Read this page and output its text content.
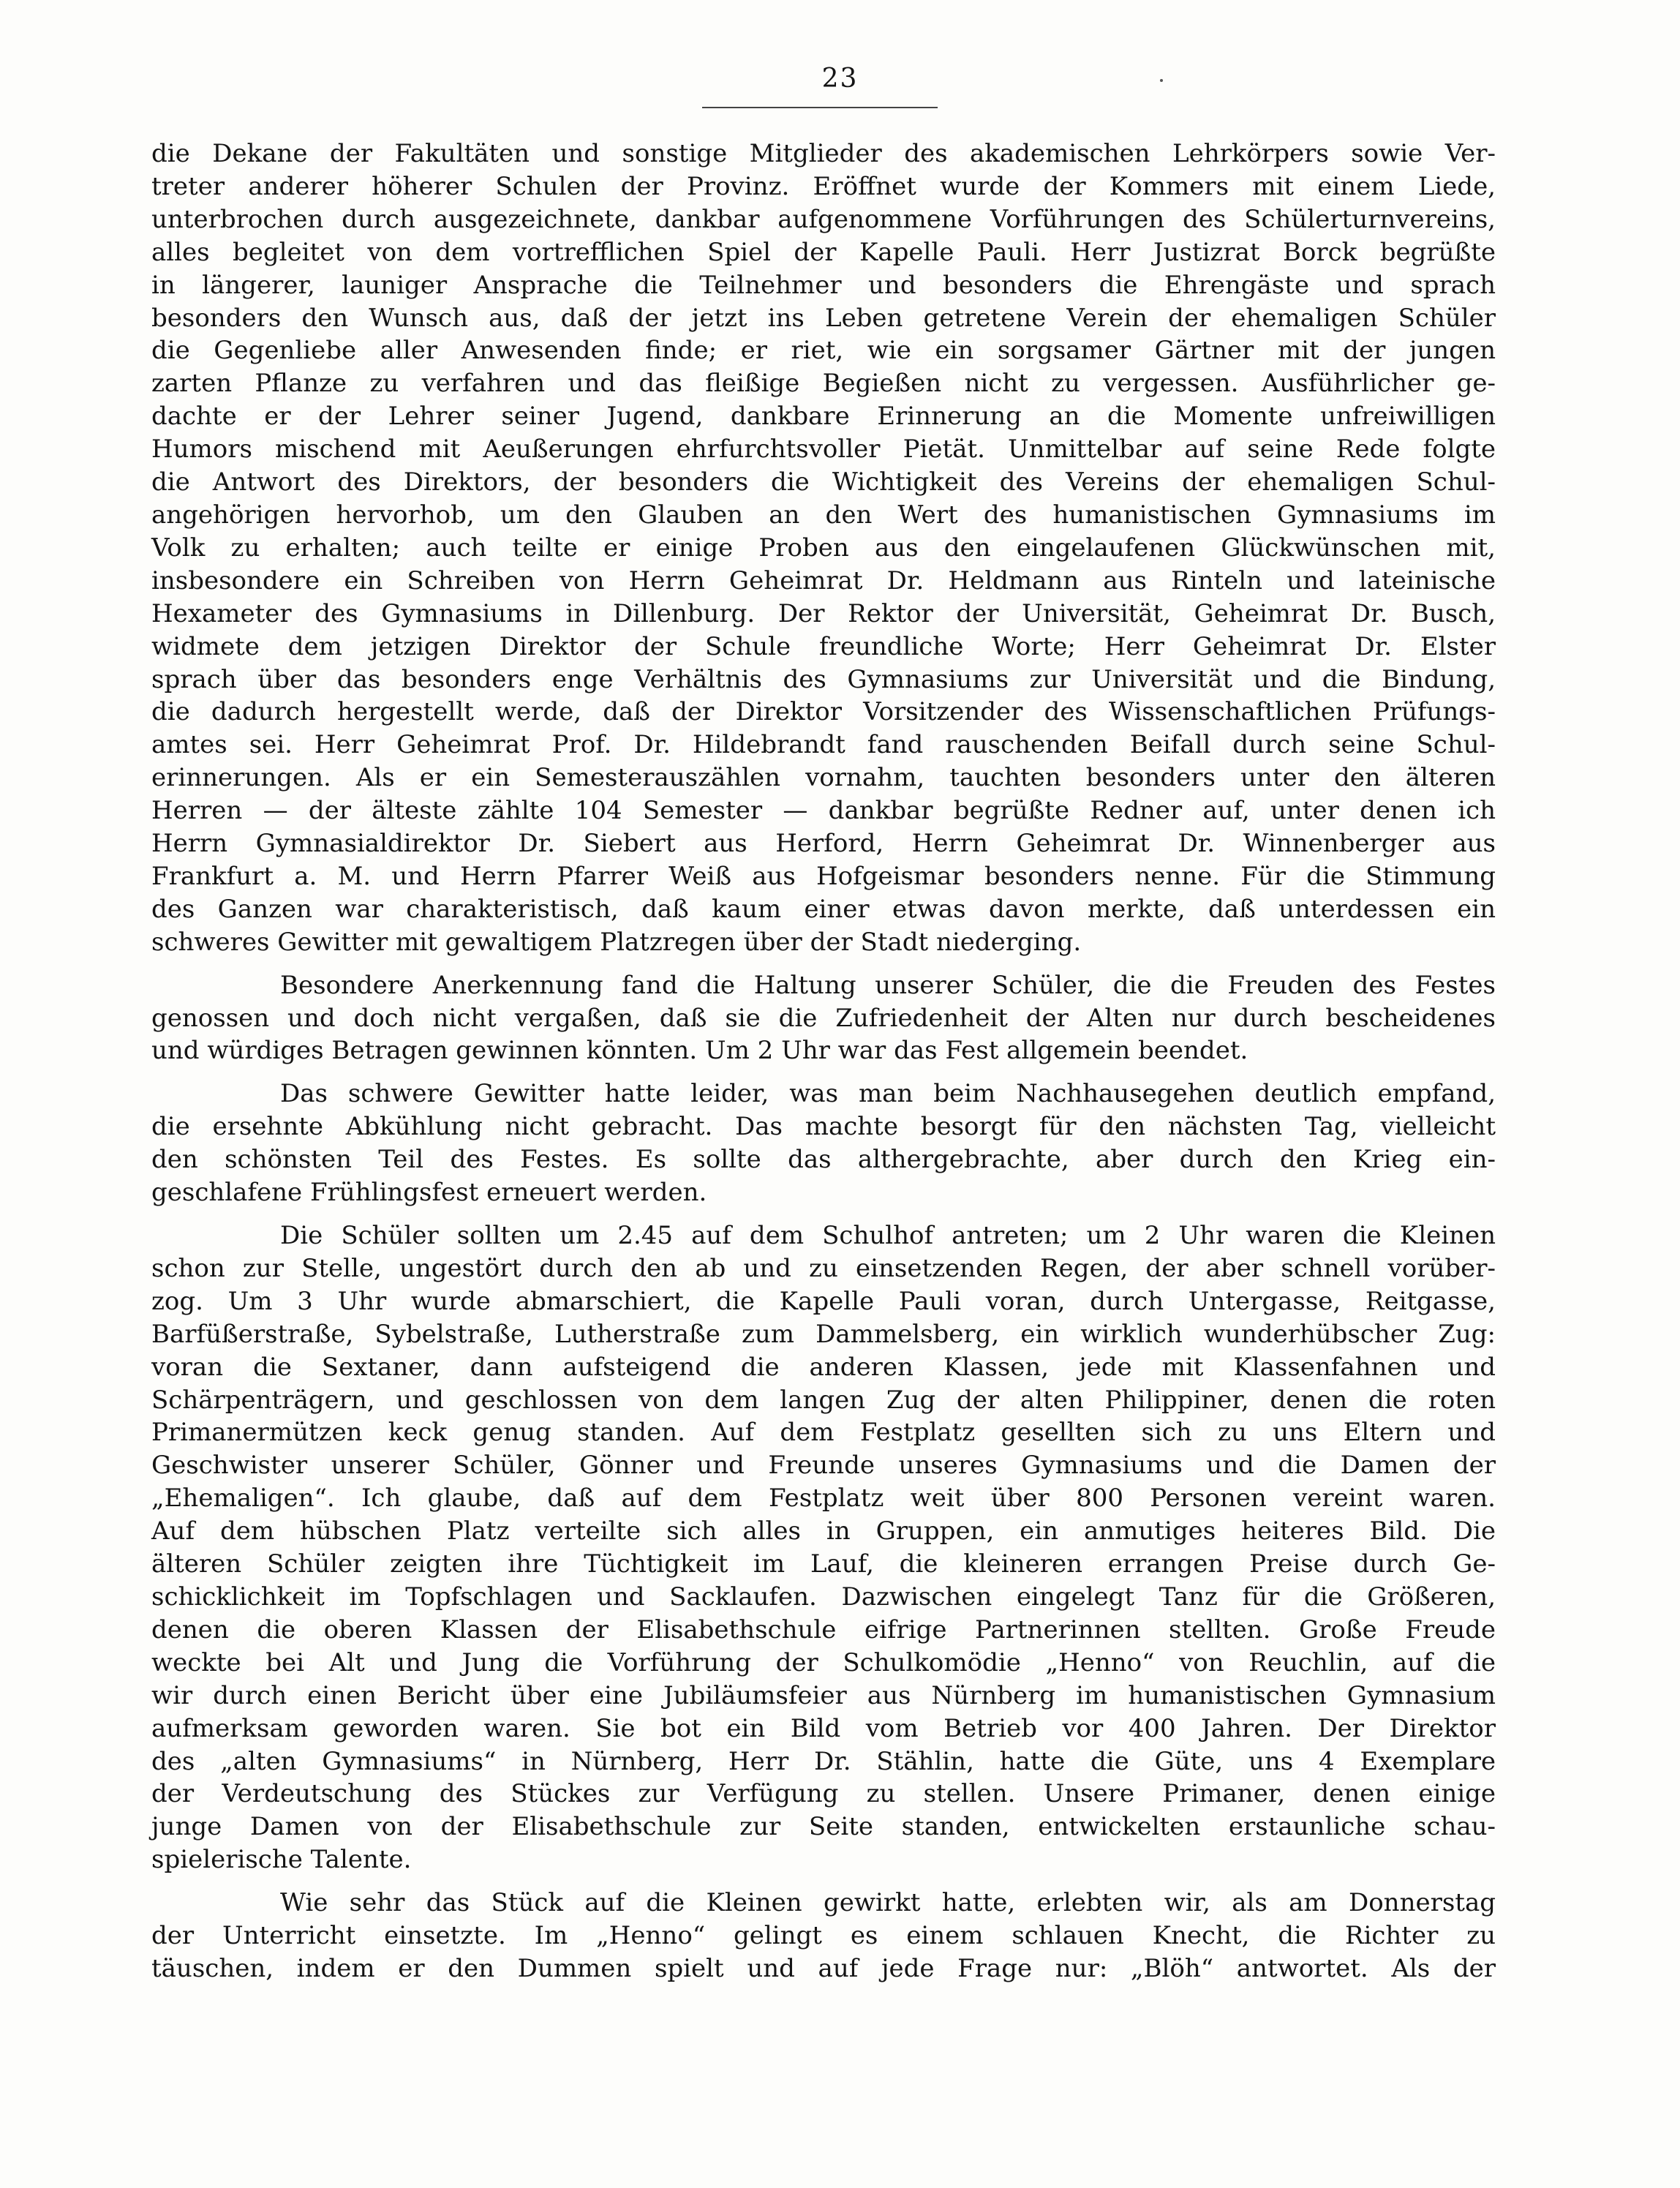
23

die Dekane der Fakultäten und sonstige Mitglieder des akademischen Lehrkörpers sowie Ver-
treter anderer höherer Schulen der Provinz. Eröffnet wurde der Kommers mit einem Liede,
unterbrochen durch ausgezeichnete, dankbar aufgenommene Vorführungen des Schülerturnvereins,
alles begleitet von dem vortrefflichen Spiel der Kapelle Pauli. Herr Justizrat Borck begrüßte
in längerer, launiger Ansprache die Teilnehmer und besonders die Ehrengäste und sprach
besonders den Wunsch aus, daß der jetzt ins Leben getretene Verein der ehemaligen Schüler
die Gegenliebe aller Anwesenden finde; er riet, wie ein sorgsamer Gärtner mit der jungen
zarten Pflanze zu verfahren und das fleißige Begießen nicht zu vergessen. Ausführlicher ge-
dachte er der Lehrer seiner Jugend, dankbare Erinnerung an die Momente unfreiwilligen
Humors mischend mit Aeußerungen ehrfurchtsvoller Pietät. Unmittelbar auf seine Rede folgte
die Antwort des Direktors, der besonders die Wichtigkeit des Vereins der ehemaligen Schul-
angehörigen hervorhob, um den Glauben an den Wert des humanistischen Gymnasiums im
Volk zu erhalten; auch teilte er einige Proben aus den eingelaufenen Glückwünschen mit,
insbesondere ein Schreiben von Herrn Geheimrat Dr. Heldmann aus Rinteln und lateinische
Hexameter des Gymnasiums in Dillenburg. Der Rektor der Universität, Geheimrat Dr. Busch,
widmete dem jetzigen Direktor der Schule freundliche Worte; Herr Geheimrat Dr. Elster
sprach über das besonders enge Verhältnis des Gymnasiums zur Universität und die Bindung,
die dadurch hergestellt werde, daß der Direktor Vorsitzender des Wissenschaftlichen Prüfungs-
amtes sei. Herr Geheimrat Prof. Dr. Hildebrandt fand rauschenden Beifall durch seine Schul-
erinnerungen. Als er ein Semesterauszählen vornahm, tauchten besonders unter den älteren
Herren — der älteste zählte 104 Semester — dankbar begrüßte Redner auf, unter denen ich
Herrn Gymnasialdirektor Dr. Siebert aus Herford, Herrn Geheimrat Dr. Winnenberger aus
Frankfurt a. M. und Herrn Pfarrer Weiß aus Hofgeismar besonders nenne. Für die Stimmung
des Ganzen war charakteristisch, daß kaum einer etwas davon merkte, daß unterdessen ein
schweres Gewitter mit gewaltigem Platzregen über der Stadt niederging.

Besondere Anerkennung fand die Haltung unserer Schüler, die die Freuden des Festes
genossen und doch nicht vergaßen, daß sie die Zufriedenheit der Alten nur durch bescheidenes
und würdiges Betragen gewinnen könnten. Um 2 Uhr war das Fest allgemein beendet.

Das schwere Gewitter hatte leider, was man beim Nachhausegehen deutlich empfand,
die ersehnte Abkühlung nicht gebracht. Das machte besorgt für den nächsten Tag, vielleicht
den schönsten Teil des Festes. Es sollte das althergebrachte, aber durch den Krieg ein-
geschlafene Frühlingsfest erneuert werden.

Die Schüler sollten um 2.45 auf dem Schulhof antreten; um 2 Uhr waren die Kleinen
schon zur Stelle, ungestört durch den ab und zu einsetzenden Regen, der aber schnell vorüber-
zog. Um 3 Uhr wurde abmarschiert, die Kapelle Pauli voran, durch Untergasse, Reitgasse,
Barfüßerstraße, Sybelstraße, Lutherstraße zum Dammelsberg, ein wirklich wunderhübscher Zug:
voran die Sextaner, dann aufsteigend die anderen Klassen, jede mit Klassenfahnen und
Schärpenträgern, und geschlossen von dem langen Zug der alten Philippiner, denen die roten
Primanermützen keck genug standen. Auf dem Festplatz gesellten sich zu uns Eltern und
Geschwister unserer Schüler, Gönner und Freunde unseres Gymnasiums und die Damen der
„Ehemaligen“. Ich glaube, daß auf dem Festplatz weit über 800 Personen vereint waren.
Auf dem hübschen Platz verteilte sich alles in Gruppen, ein anmutiges heiteres Bild. Die
älteren Schüler zeigten ihre Tüchtigkeit im Lauf, die kleineren errangen Preise durch Ge-
schicklichkeit im Topfschlagen und Sacklaufen. Dazwischen eingelegt Tanz für die Größeren,
denen die oberen Klassen der Elisabethschule eifrige Partnerinnen stellten. Große Freude
weckte bei Alt und Jung die Vorführung der Schulkomödie „Henno“ von Reuchlin, auf die
wir durch einen Bericht über eine Jubiläumsfeier aus Nürnberg im humanistischen Gymnasium
aufmerksam geworden waren. Sie bot ein Bild vom Betrieb vor 400 Jahren. Der Direktor
des „alten Gymnasiums“ in Nürnberg, Herr Dr. Stählin, hatte die Güte, uns 4 Exemplare
der Verdeutschung des Stückes zur Verfügung zu stellen. Unsere Primaner, denen einige
junge Damen von der Elisabethschule zur Seite standen, entwickelten erstaunliche schau-
spielerische Talente.

Wie sehr das Stück auf die Kleinen gewirkt hatte, erlebten wir, als am Donnerstag
der Unterricht einsetzte. Im „Henno“ gelingt es einem schlauen Knecht, die Richter zu
täuschen, indem er den Dummen spielt und auf jede Frage nur: „Blöh“ antwortet. Als der
